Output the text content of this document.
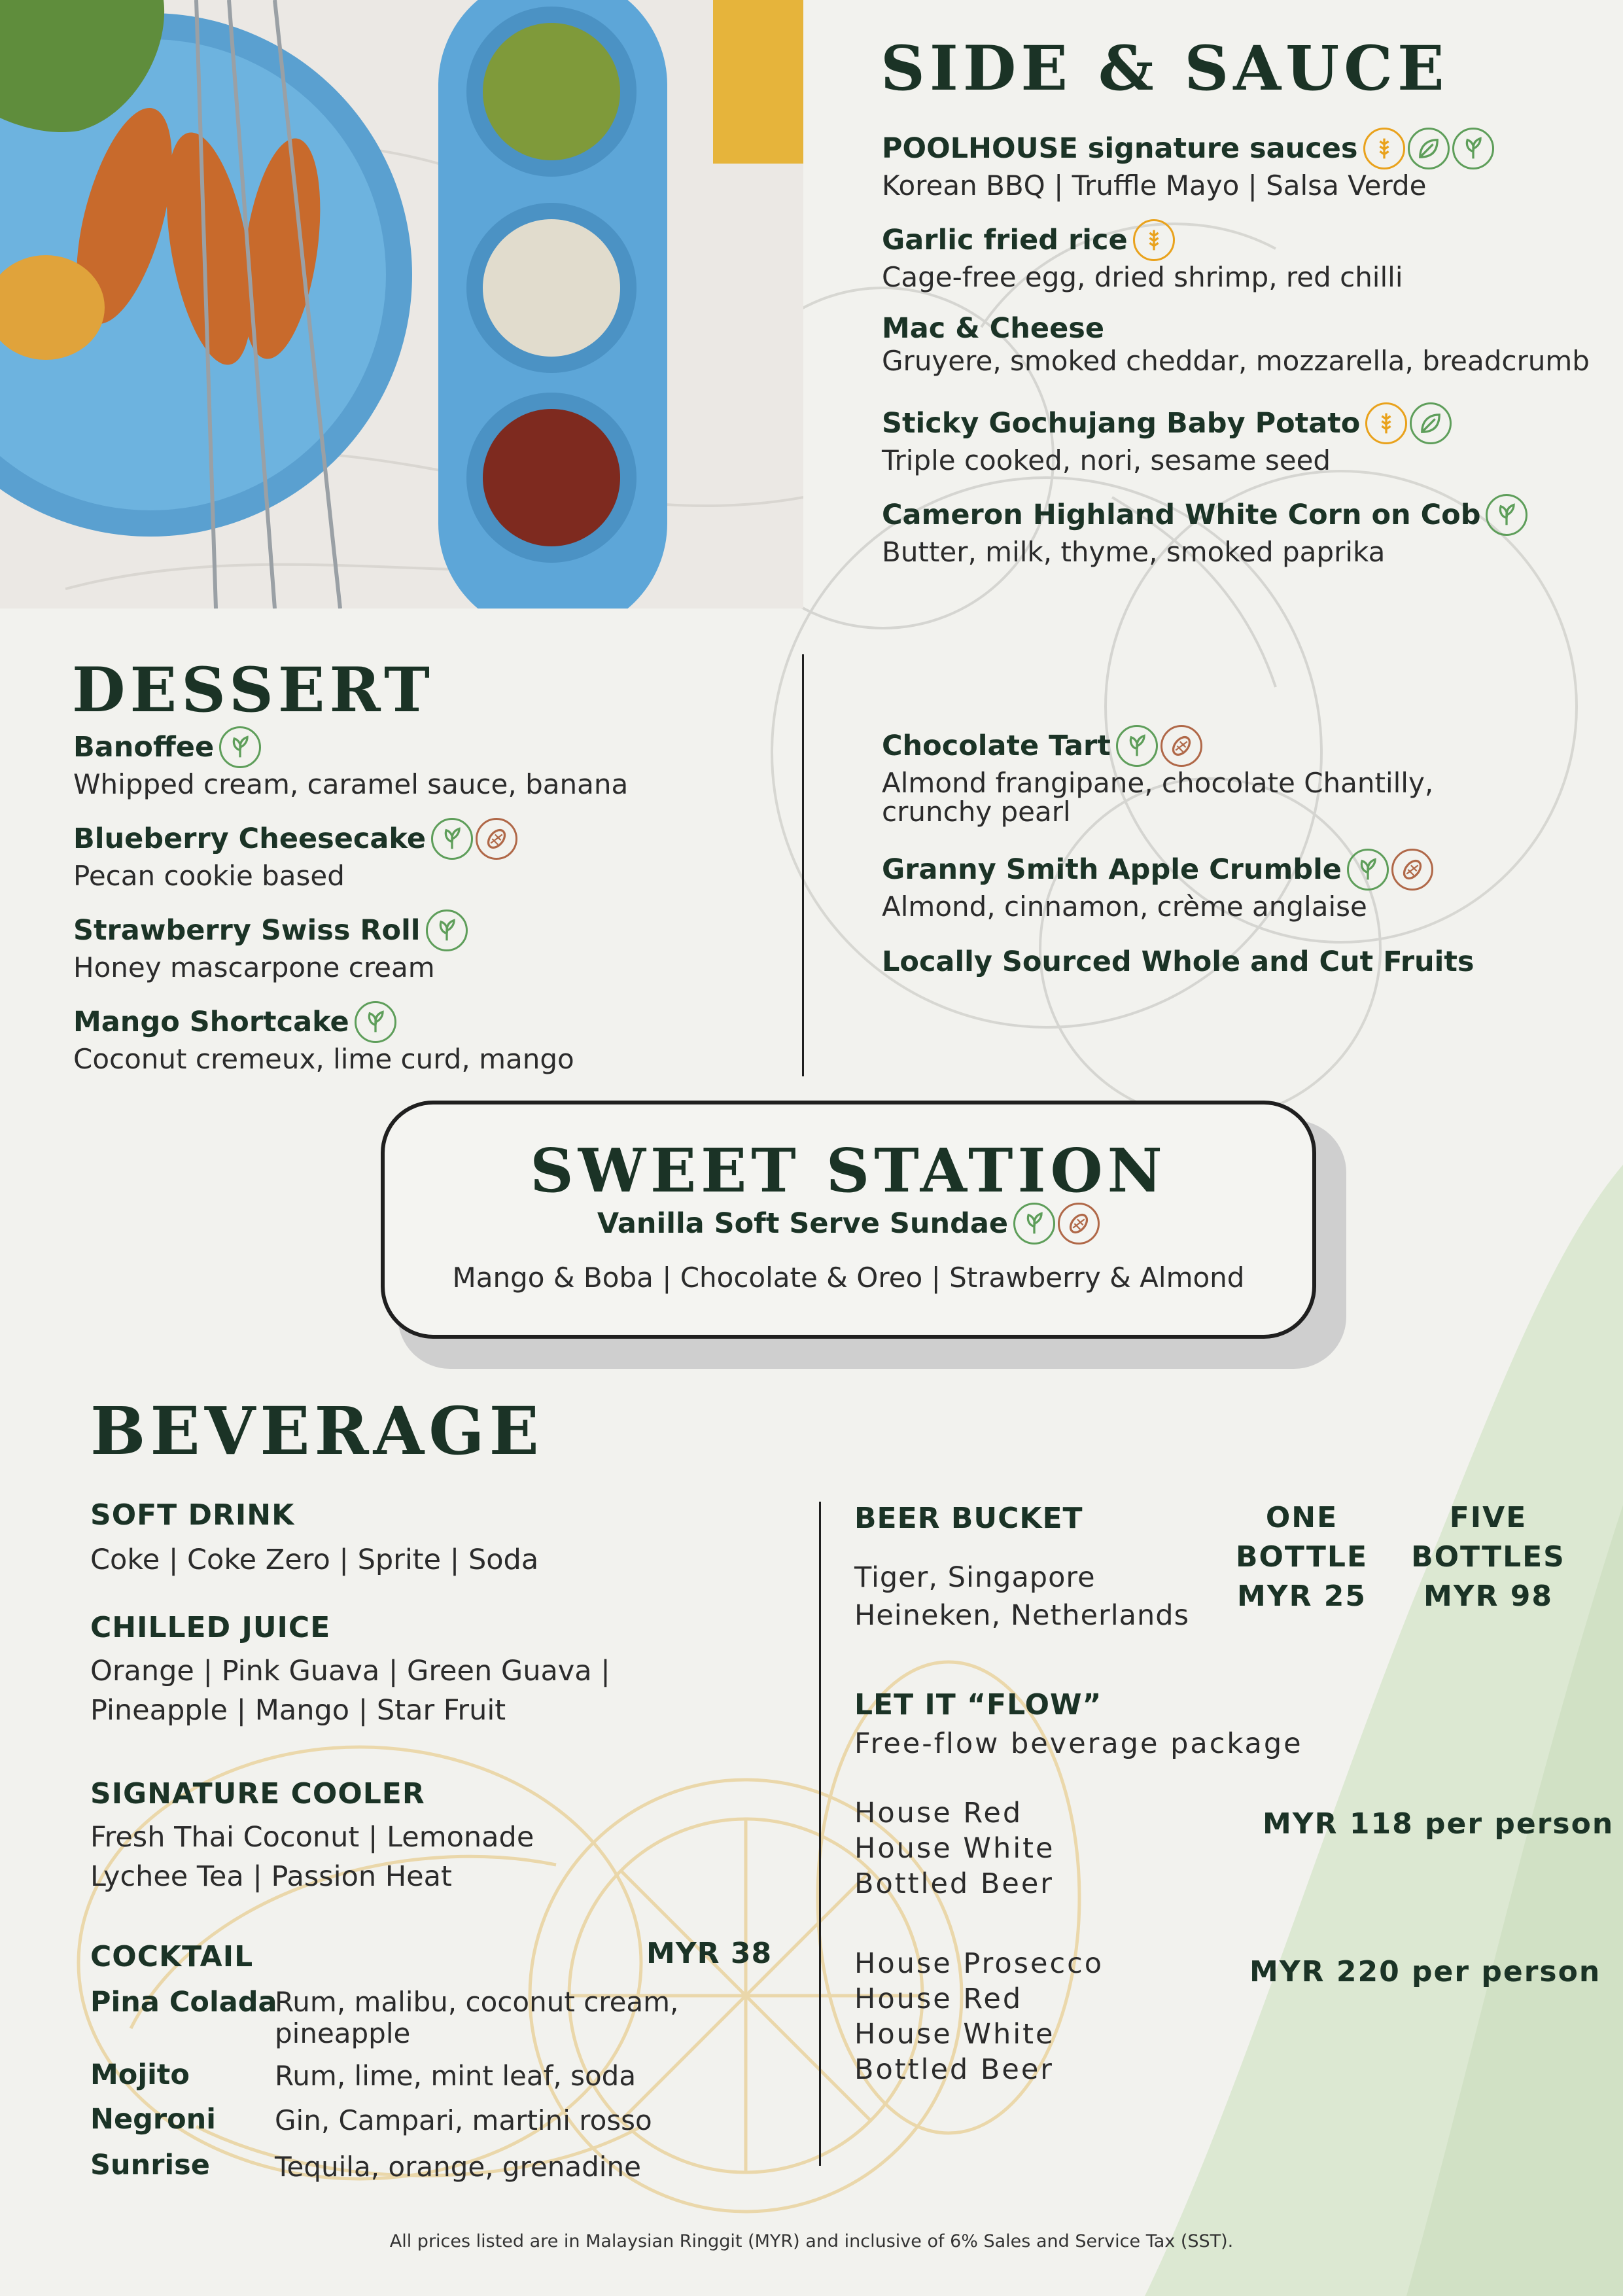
SIDE & SAUCE
POOLHOUSE signature sauces
Korean BBQ | Truffle Mayo | Salsa Verde
Garlic fried rice
Cage-free egg, dried shrimp, red chilli
Mac & Cheese
Gruyere, smoked cheddar, mozzarella, breadcrumb
Sticky Gochujang Baby Potato
Triple cooked, nori, sesame seed
Cameron Highland White Corn on Cob
Butter, milk, thyme, smoked paprika
DESSERT
Banoffee
Whipped cream, caramel sauce, banana
Blueberry Cheesecake
Pecan cookie based
Strawberry Swiss Roll
Honey mascarpone cream
Mango Shortcake
Coconut cremeux, lime curd, mango
Chocolate Tart
Almond frangipane, chocolate Chantilly,
crunchy pearl
Granny Smith Apple Crumble
Almond, cinnamon, crème anglaise
Locally Sourced Whole and Cut Fruits
SWEET STATION
Vanilla Soft Serve Sundae
Mango & Boba | Chocolate & Oreo | Strawberry & Almond
BEVERAGE
SOFT DRINK
Coke | Coke Zero | Sprite | Soda
CHILLED JUICE
Orange | Pink Guava | Green Guava |
Pineapple | Mango | Star Fruit
SIGNATURE COOLER
Fresh Thai Coconut | Lemonade
Lychee Tea | Passion Heat
COCKTAIL	MYR 38
Pina Colada
Rum, malibu, coconut cream,
pineapple
Mojito	Rum, lime, mint leaf, soda
Negroni Gin, Campari, martini rosso
Sunrise Tequila, orange, grenadine
BEER BUCKET
Tiger, Singapore
Heineken, Netherlands
ONE
BOTTLE
MYR 25
FIVE
BOTTLES
MYR 98
LET IT “FLOW”
Free-flow beverage package
House Red
House White
Bottled Beer
MYR 118 per person
House Prosecco
House Red
House White
Bottled Beer
MYR 220 per person
All prices listed are in Malaysian Ringgit (MYR) and inclusive of 6% Sales and Service Tax (SST).
